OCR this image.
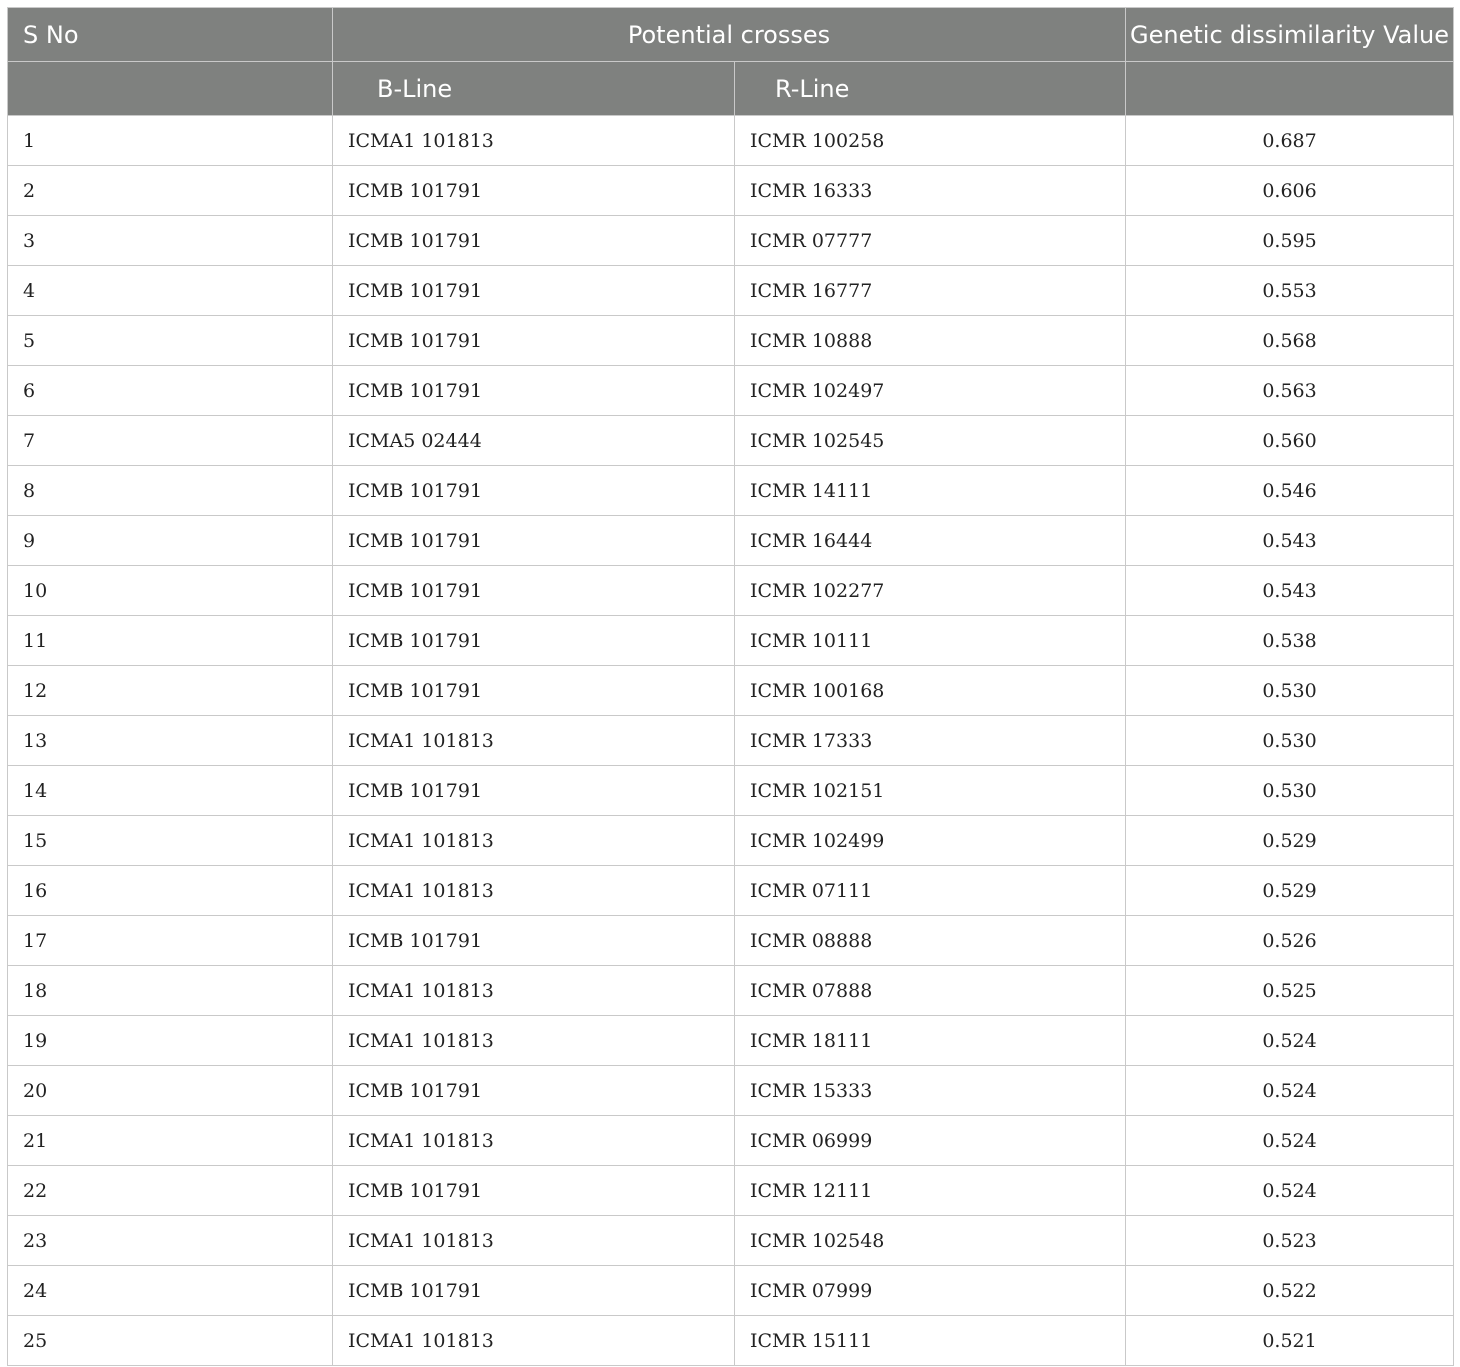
S No	Potential crosses		Genetic dissimilarity Value
	B-Line	R-Line	
1	ICMA1 101813	ICMR 100258	0.687
2	ICMB 101791	ICMR 16333	0.606
3	ICMB 101791	ICMR 07777	0.595
4	ICMB 101791	ICMR 16777	0.553
5	ICMB 101791	ICMR 10888	0.568
6	ICMB 101791	ICMR 102497	0.563
7	ICMA5 02444	ICMR 102545	0.560
8	ICMB 101791	ICMR 14111	0.546
9	ICMB 101791	ICMR 16444	0.543
10	ICMB 101791	ICMR 102277	0.543
11	ICMB 101791	ICMR 10111	0.538
12	ICMB 101791	ICMR 100168	0.530
13	ICMA1 101813	ICMR 17333	0.530
14	ICMB 101791	ICMR 102151	0.530
15	ICMA1 101813	ICMR 102499	0.529
16	ICMA1 101813	ICMR 07111	0.529
17	ICMB 101791	ICMR 08888	0.526
18	ICMA1 101813	ICMR 07888	0.525
19	ICMA1 101813	ICMR 18111	0.524
20	ICMB 101791	ICMR 15333	0.524
21	ICMA1 101813	ICMR 06999	0.524
22	ICMB 101791	ICMR 12111	0.524
23	ICMA1 101813	ICMR 102548	0.523
24	ICMB 101791	ICMR 07999	0.522
25	ICMA1 101813	ICMR 15111	0.521
